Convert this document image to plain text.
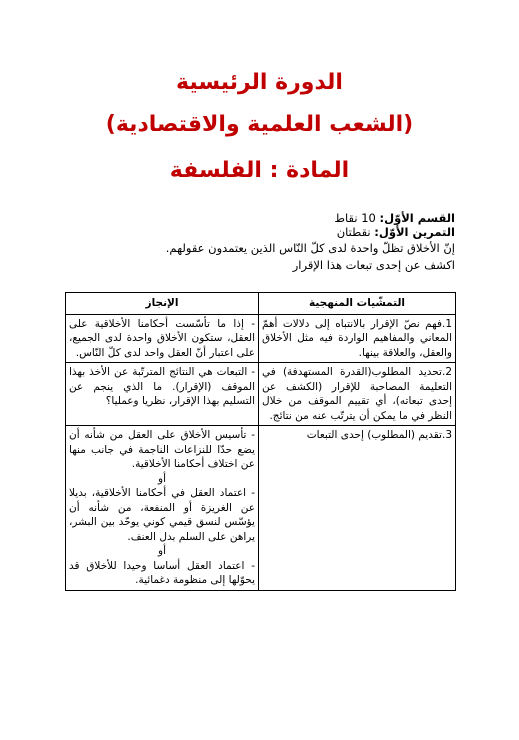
الدورة الرئيسية
(الشعب العلمية والاقتصادية)
المادة : الفلسفة
القسم الأوّل: 10 نقاط
التمرين الأوّل: نقطتان
إنّ الأخلاق تظلّ واحدة لدى كلّ النّاس الذين يعتمدون عقولهم.
اكشف عن إحدى تبعات هذا الإقرار
التمشّيات المنهجية	الإنجاز
1.فهم نصّ الإقرار بالانتباه إلى دلالات أهمّ المعاني والمفاهيم الواردة فيه مثل الأخلاق والعقل، والعلاقة بينها.	- إذا ما تأسّست أحكامنا الأخلاقية على العقل، ستكون الأخلاق واحدة لدى الجميع، على اعتبار أنّ العقل واحد لدى كلّ النّاس.

2.تحديد المطلوب(القدرة المستهدفة) في التعليمة المصاحبة للإقرار (الكشف عن إحدى تبعاته)، أي تقييم الموقف من خلال النظر في ما يمكن أن يترتّب عنه من نتائج.	- التبعات هي النتائج المترتّبة عن الأخذ بهذا الموقف (الإقرار). ما الذي ينجم عن التسليم بهذا الإقرار، نظريا وعمليا؟

3.تقديم (المطلوب) إحدى التبعات	- تأسيس الأخلاق على العقل من شأنه أن يضع حدّا للنزاعات الناجمة في جانب منها عن اختلاف أحكامنا الأخلاقية.
أو
- اعتماد العقل في أحكامنا الأخلاقية، بديلا عن الغريزة أو المنفعة، من شأنه أن يؤسّس لنسق قيمي كوني يوحّد بين البشر، يراهن على السلم بدل العنف.
أو
- اعتماد العقل أساسا وحيدا للأخلاق قد يحوّلها إلى منظومة دغمائية.
